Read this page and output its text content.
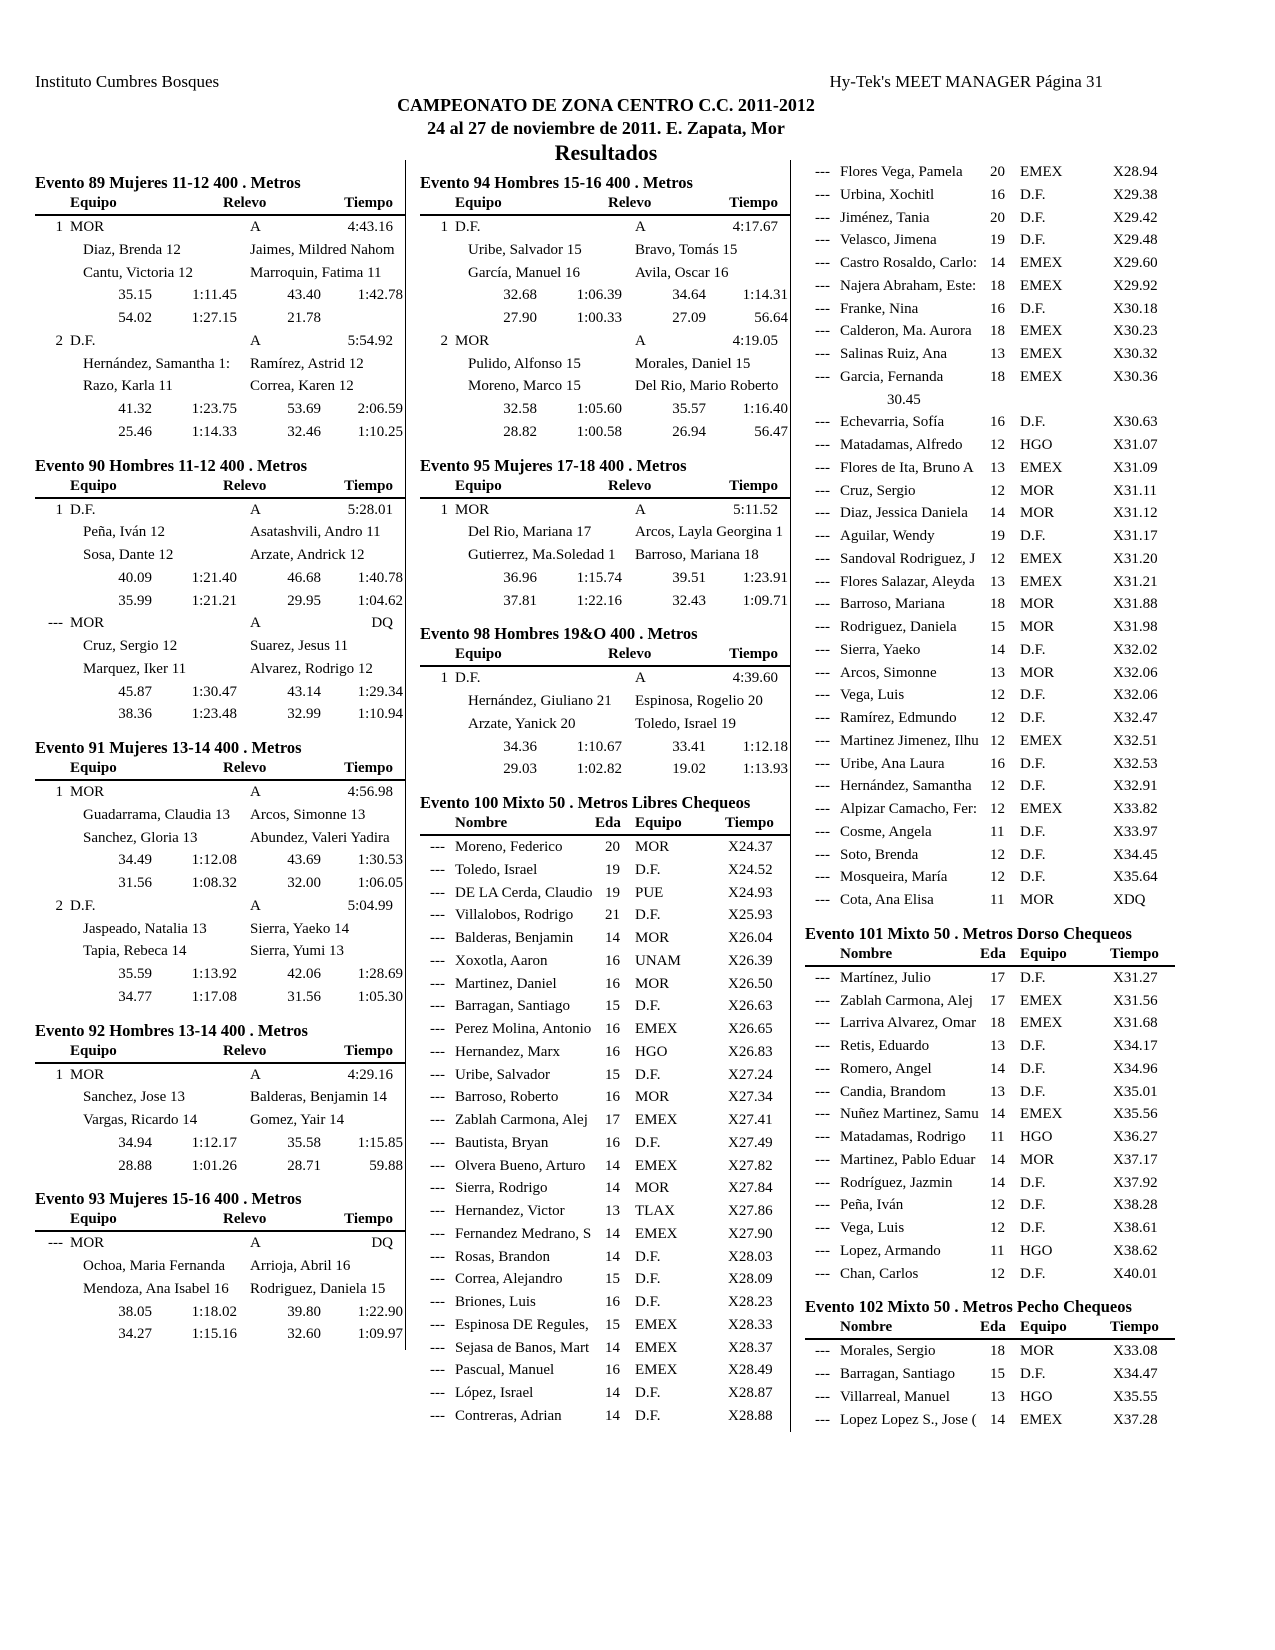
Instituto Cumbres Bosques	Hy-Tek's MEET MANAGER Página 31
CAMPEONATO DE ZONA CENTRO C.C. 2011-2012
24 al 27 de noviembre de 2011. E. Zapata, Mor
Resultados
Evento 89 Mujeres 11-12 400 . Metros
Equipo	Relevo	Tiempo
1 MOR	A	4:43.16
Diaz, Brenda 12	Jaimes, Mildred Nahom
Cantu, Victoria 12	Marroquin, Fatima 11
35.15	1:11.45	43.40 1:42.78
54.02	1:27.15	21.78
2 D.F.	A	5:54.92
Hernández, Samantha 1:	Ramírez, Astrid 12
Razo, Karla 11	Correa, Karen 12
41.32	1:23.75	53.69 2:06.59
25.46	1:14.33	32.46 1:10.25
Evento 90 Hombres 11-12 400 . Metros
Equipo	Relevo	Tiempo
1 D.F.	A	5:28.01
Peña, Iván 12	Asatashvili, Andro 11
Sosa, Dante 12	Arzate, Andrick 12
40.09	1:21.40	46.68 1:40.78
35.99	1:21.21	29.95 1:04.62
--- MOR	A	DQ
Cruz, Sergio 12	Suarez, Jesus 11
Marquez, Iker 11	Alvarez, Rodrigo 12
45.87	1:30.47	43.14 1:29.34
38.36	1:23.48	32.99 1:10.94
Evento 91 Mujeres 13-14 400 . Metros
Equipo	Relevo	Tiempo
1 MOR	A	4:56.98
Guadarrama, Claudia 13	Arcos, Simonne 13
Sanchez, Gloria 13	Abundez, Valeri Yadira
34.49	1:12.08	43.69 1:30.53
31.56	1:08.32	32.00 1:06.05
2 D.F.	A	5:04.99
Jaspeado, Natalia 13	Sierra, Yaeko 14
Tapia, Rebeca 14	Sierra, Yumi 13
35.59	1:13.92	42.06 1:28.69
34.77	1:17.08	31.56 1:05.30
Evento 92 Hombres 13-14 400 . Metros
Equipo	Relevo	Tiempo
1 MOR	A	4:29.16
Sanchez, Jose 13	Balderas, Benjamin 14
Vargas, Ricardo 14	Gomez, Yair 14
34.94	1:12.17	35.58 1:15.85
28.88	1:01.26	28.71	59.88
Evento 93 Mujeres 15-16 400 . Metros
Equipo	Relevo	Tiempo
--- MOR	A	DQ
Ochoa, Maria Fernanda	Arrioja, Abril 16
Mendoza, Ana Isabel 16	Rodriguez, Daniela 15
38.05	1:18.02	39.80 1:22.90
34.27	1:15.16	32.60 1:09.97
Evento 94 Hombres 15-16 400 . Metros
Equipo	Relevo	Tiempo
1 D.F.	A	4:17.67
Uribe, Salvador 15	Bravo, Tomás 15
García, Manuel 16	Avila, Oscar 16
32.68	1:06.39	34.64 1:14.31
27.90	1:00.33	27.09	56.64
2 MOR	A	4:19.05
Pulido, Alfonso 15	Morales, Daniel 15
Moreno, Marco 15	Del Rio, Mario Roberto
32.58	1:05.60	35.57 1:16.40
28.82	1:00.58	26.94	56.47
Evento 95 Mujeres 17-18 400 . Metros
Equipo	Relevo	Tiempo
1 MOR	A	5:11.52
Del Rio, Mariana 17	Arcos, Layla Georgina 1
Gutierrez, Ma.Soledad 1	Barroso, Mariana 18
36.96	1:15.74	39.51 1:23.91
37.81	1:22.16	32.43 1:09.71
Evento 98 Hombres 19&O 400 . Metros
Equipo	Relevo	Tiempo
1 D.F.	A	4:39.60
Hernández, Giuliano 21	Espinosa, Rogelio 20
Arzate, Yanick 20	Toledo, Israel 19
34.36	1:10.67	33.41 1:12.18
29.03	1:02.82	19.02 1:13.93
Evento 100 Mixto 50 . Metros Libres Chequeos
Nombre	Eda Equipo	Tiempo
--- Moreno, Federico	20 MOR	X24.37
--- Toledo, Israel	19 D.F.	X24.52
--- DE LA Cerda, Claudio 19 PUE	X24.93
--- Villalobos, Rodrigo	21 D.F.	X25.93
--- Balderas, Benjamin	14 MOR	X26.04
--- Xoxotla, Aaron	16 UNAM	X26.39
--- Martinez, Daniel	16 MOR	X26.50
--- Barragan, Santiago	15 D.F.	X26.63
--- Perez Molina, Antonio 16 EMEX	X26.65
--- Hernandez, Marx	16 HGO	X26.83
--- Uribe, Salvador	15 D.F.	X27.24
--- Barroso, Roberto	16 MOR	X27.34
--- Zablah Carmona, Alej	17 EMEX	X27.41
--- Bautista, Bryan	16 D.F.	X27.49
--- Olvera Bueno, Arturo	14 EMEX	X27.82
--- Sierra, Rodrigo	14 MOR	X27.84
--- Hernandez, Victor	13 TLAX	X27.86
--- Fernandez Medrano, S 14 EMEX	X27.90
--- Rosas, Brandon	14 D.F.	X28.03
--- Correa, Alejandro	15 D.F.	X28.09
--- Briones, Luis	16 D.F.	X28.23
--- Espinosa DE Regules,	15 EMEX	X28.33
--- Sejasa de Banos, Mart	14 EMEX	X28.37
--- Pascual, Manuel	16 EMEX	X28.49
--- López, Israel	14 D.F.	X28.87
--- Contreras, Adrian	14 D.F.	X28.88
--- Flores Vega, Pamela	20 EMEX	X28.94
--- Urbina, Xochitl	16 D.F.	X29.38
--- Jiménez, Tania	20 D.F.	X29.42
--- Velasco, Jimena	19 D.F.	X29.48
--- Castro Rosaldo, Carlo: 14 EMEX	X29.60
--- Najera Abraham, Este: 18 EMEX	X29.92
--- Franke, Nina	16 D.F.	X30.18
--- Calderon, Ma. Aurora	18 EMEX	X30.23
--- Salinas Ruiz, Ana	13 EMEX	X30.32
--- Garcia, Fernanda	18 EMEX	X30.36
30.45
--- Echevarria, Sofía	16 D.F.	X30.63
--- Matadamas, Alfredo	12 HGO	X31.07
--- Flores de Ita, Bruno A	13 EMEX	X31.09
--- Cruz, Sergio	12 MOR	X31.11
--- Diaz, Jessica Daniela	14 MOR	X31.12
--- Aguilar, Wendy	19 D.F.	X31.17
--- Sandoval Rodriguez, J 12 EMEX	X31.20
--- Flores Salazar, Aleyda	13 EMEX	X31.21
--- Barroso, Mariana	18 MOR	X31.88
--- Rodriguez, Daniela	15 MOR	X31.98
--- Sierra, Yaeko	14 D.F.	X32.02
--- Arcos, Simonne	13 MOR	X32.06
--- Vega, Luis	12 D.F.	X32.06
--- Ramírez, Edmundo	12 D.F.	X32.47
--- Martinez Jimenez, Ilhu 12 EMEX	X32.51
--- Uribe, Ana Laura	16 D.F.	X32.53
--- Hernández, Samantha	12 D.F.	X32.91
--- Alpizar Camacho, Fer: 12 EMEX	X33.82
--- Cosme, Angela	11 D.F.	X33.97
--- Soto, Brenda	12 D.F.	X34.45
--- Mosqueira, María	12 D.F.	X35.64
--- Cota, Ana Elisa	11 MOR	XDQ
Evento 101 Mixto 50 . Metros Dorso Chequeos
Nombre	Eda Equipo	Tiempo
--- Martínez, Julio	17 D.F.	X31.27
--- Zablah Carmona, Alej	17 EMEX	X31.56
--- Larriva Alvarez, Omar 18 EMEX	X31.68
--- Retis, Eduardo	13 D.F.	X34.17
--- Romero, Angel	14 D.F.	X34.96
--- Candia, Brandom	13 D.F.	X35.01
--- Nuñez Martinez, Samu 14 EMEX	X35.56
--- Matadamas, Rodrigo	11 HGO	X36.27
--- Martinez, Pablo Eduar 14 MOR	X37.17
--- Rodríguez, Jazmin	14 D.F.	X37.92
--- Peña, Iván	12 D.F.	X38.28
--- Vega, Luis	12 D.F.	X38.61
--- Lopez, Armando	11 HGO	X38.62
--- Chan, Carlos	12 D.F.	X40.01
Evento 102 Mixto 50 . Metros Pecho Chequeos
Nombre	Eda Equipo	Tiempo
--- Morales, Sergio	18 MOR	X33.08
--- Barragan, Santiago	15 D.F.	X34.47
--- Villarreal, Manuel	13 HGO	X35.55
--- Lopez Lopez S., Jose ( 14 EMEX	X37.28
